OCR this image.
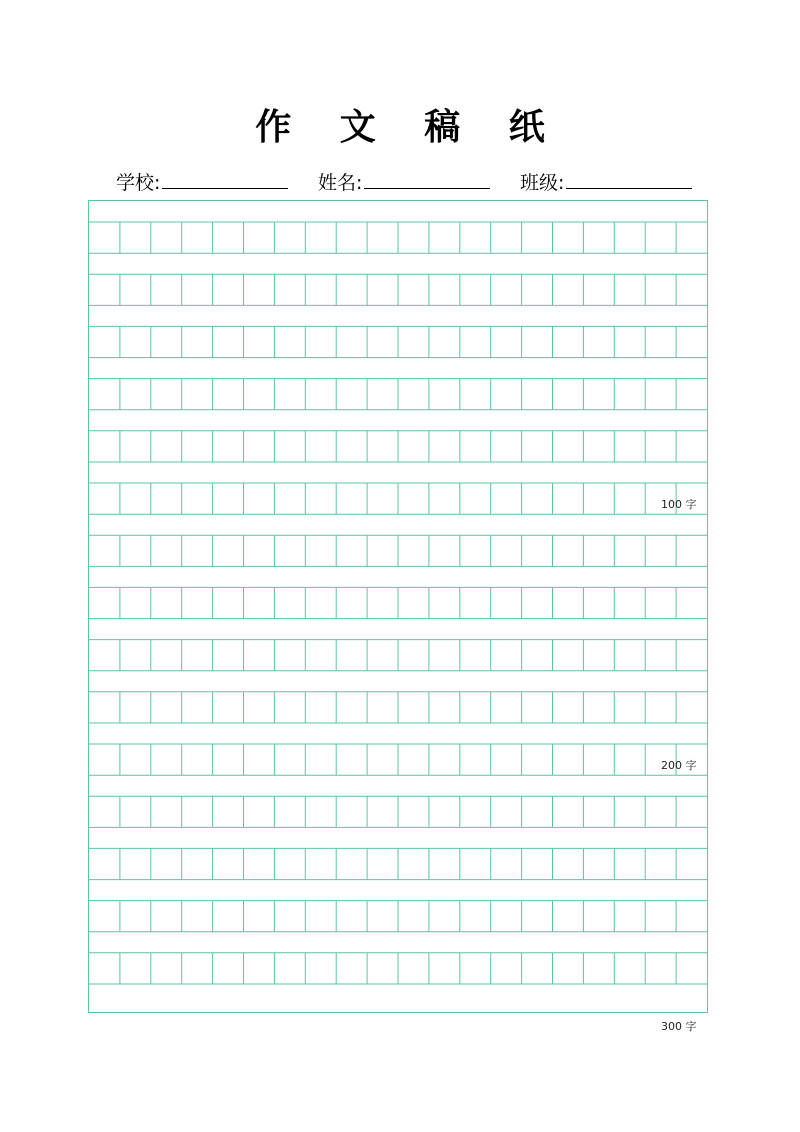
作 文 稿 纸
学校:	姓名:	班级:
100 字
200 字
300 字
